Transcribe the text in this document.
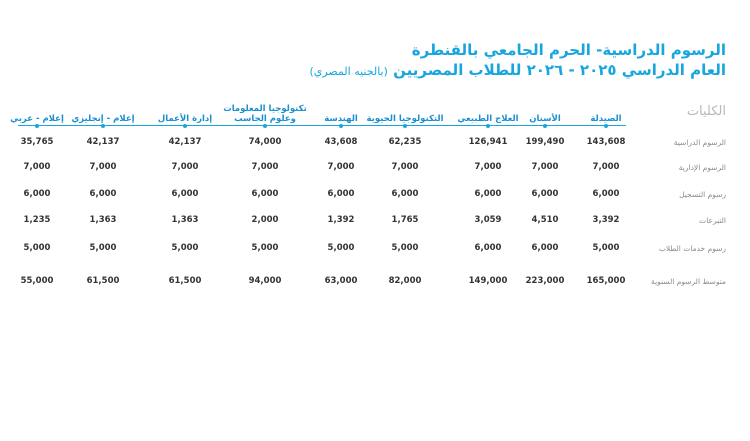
الرسوم الدراسية- الحرم الجامعي بالقنطرة
العام الدراسي ٢٠٢٥ - ٢٠٢٦ للطلاب المصريين (بالجنيه المصري)
الكليات
الصيدلة
الأسنان
العلاج الطبيعي
التكنولوجيا الحيوية
الهندسة
تكنولوجيا المعلومات وعلوم الحاسب
إدارة الأعمال
إعلام - إنجليزي
إعلام - عربي
الرسوم الدراسية
143,608
199,490
126,941
62,235
43,608
74,000
42,137
42,137
35,765
الرسوم الإدارية
7,000
7,000
7,000
7,000
7,000
7,000
7,000
7,000
7,000
رسوم التسجيل
6,000
6,000
6,000
6,000
6,000
6,000
6,000
6,000
6,000
التبرعات
3,392
4,510
3,059
1,765
1,392
2,000
1,363
1,363
1,235
رسوم خدمات الطلاب
5,000
6,000
6,000
5,000
5,000
5,000
5,000
5,000
5,000
متوسط الرسوم السنوية
165,000
223,000
149,000
82,000
63,000
94,000
61,500
61,500
55,000
